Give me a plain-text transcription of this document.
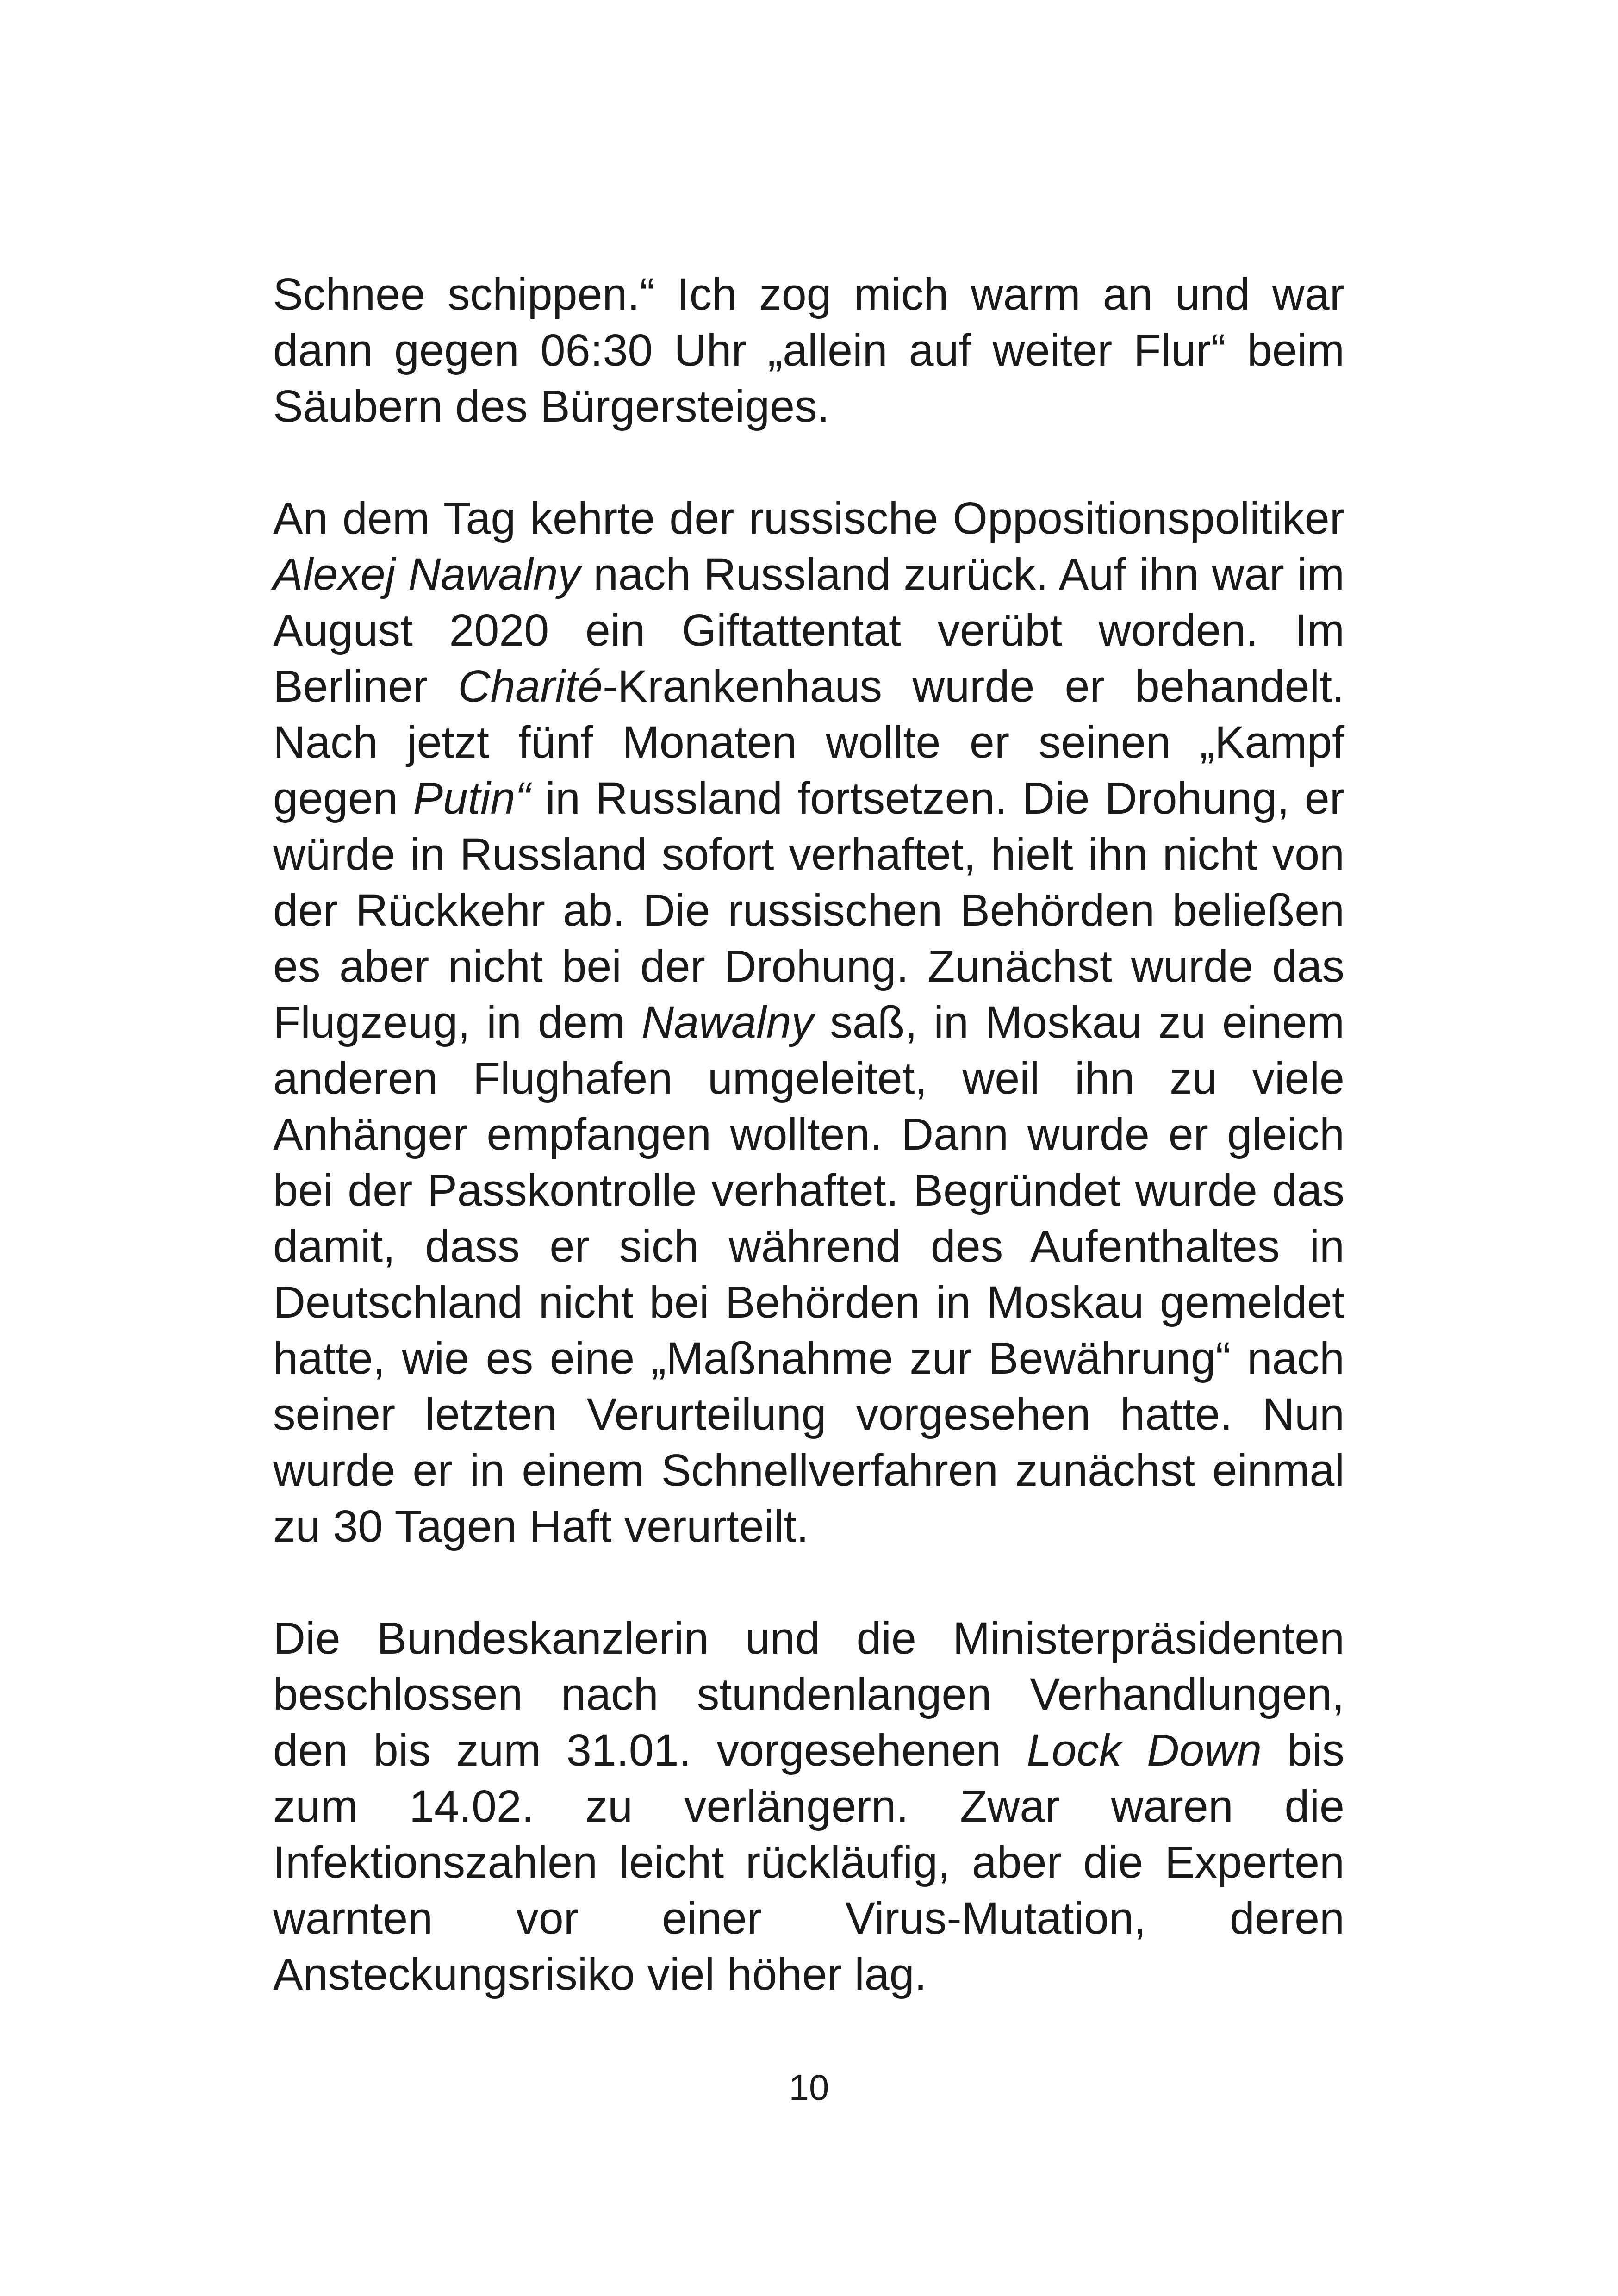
Schnee schippen.“ Ich zog mich warm an und war dann gegen 06:30 Uhr „allein auf weiter Flur“ beim Säubern des Bürgersteiges.

An dem Tag kehrte der russische Oppositionspolitiker Alexej Nawalny nach Russland zurück. Auf ihn war im August 2020 ein Giftattentat verübt worden. Im Berliner Charité-Krankenhaus wurde er behandelt. Nach jetzt fünf Monaten wollte er seinen „Kampf gegen Putin“ in Russland fortsetzen. Die Drohung, er würde in Russland sofort verhaftet, hielt ihn nicht von der Rückkehr ab. Die russischen Behörden beließen es aber nicht bei der Drohung. Zunächst wurde das Flugzeug, in dem Nawalny saß, in Moskau zu einem anderen Flughafen umgeleitet, weil ihn zu viele Anhänger empfangen wollten. Dann wurde er gleich bei der Passkontrolle verhaftet. Begründet wurde das damit, dass er sich während des Aufenthaltes in Deutschland nicht bei Behörden in Moskau gemeldet hatte, wie es eine „Maßnahme zur Bewährung“ nach seiner letzten Verurteilung vorgesehen hatte. Nun wurde er in einem Schnellverfahren zunächst einmal zu 30 Tagen Haft verurteilt.

Die Bundeskanzlerin und die Ministerpräsidenten beschlossen nach stundenlangen Verhandlungen, den bis zum 31.01. vorgesehenen Lock Down bis zum 14.02. zu verlängern. Zwar waren die Infektionszahlen leicht rückläufig, aber die Experten warnten vor einer Virus-Mutation, deren Ansteckungsrisiko viel höher lag.

10
